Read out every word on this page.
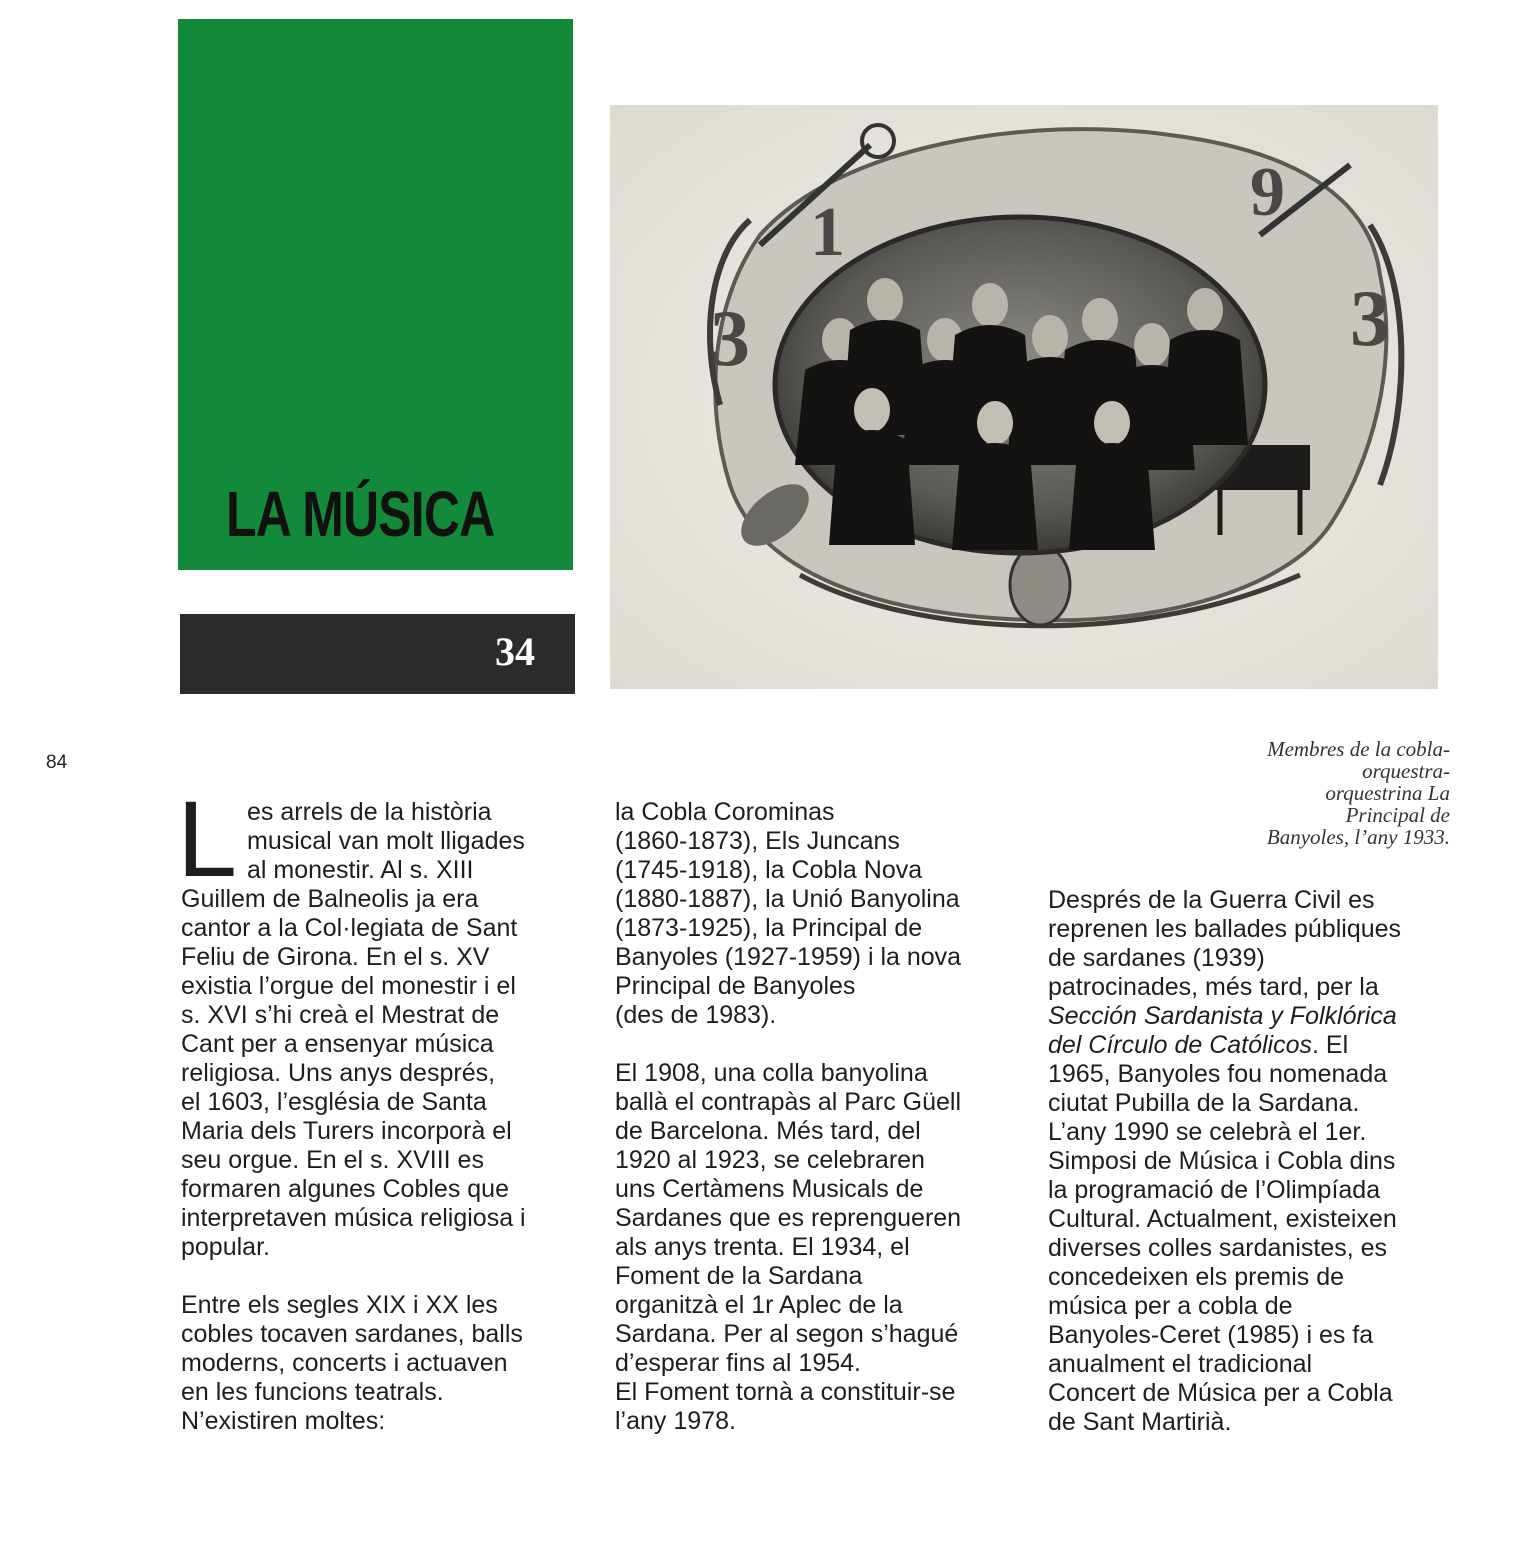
LA MÚSICA
34
1
9
3
3
84
Membres de la cobla-
orquestra-
orquestrina La
Principal de
Banyoles, l’any 1933.
L es arrels de la història
musical van molt lligades
al monestir. Al s. XIII
Guillem de Balneolis ja era
cantor a la Col·legiata de Sant
Feliu de Girona. En el s. XV
existia l’orgue del monestir i el
s. XVI s’hi creà el Mestrat de
Cant per a ensenyar música
religiosa. Uns anys després,
el 1603, l’església de Santa
Maria dels Turers incorporà el
seu orgue. En el s. XVIII es
formaren algunes Cobles que
interpretaven música religiosa i
popular.

Entre els segles XIX i XX les
cobles tocaven sardanes, balls
moderns, concerts i actuaven
en les funcions teatrals.
N’existiren moltes:

la Cobla Corominas
(1860-1873), Els Juncans
(1745-1918), la Cobla Nova
(1880-1887), la Unió Banyolina
(1873-1925), la Principal de
Banyoles (1927-1959) i la nova
Principal de Banyoles
(des de 1983).

El 1908, una colla banyolina
ballà el contrapàs al Parc Güell
de Barcelona. Més tard, del
1920 al 1923, se celebraren
uns Certàmens Musicals de
Sardanes que es reprengueren
als anys trenta. El 1934, el
Foment de la Sardana
organitzà el 1r Aplec de la
Sardana. Per al segon s’hagué
d’esperar fins al 1954.
El Foment tornà a constituir-se
l’any 1978.

Després de la Guerra Civil es
reprenen les ballades públiques
de sardanes (1939)
patrocinades, més tard, per la
Sección Sardanista y Folklórica
del Círculo de Católicos. El
1965, Banyoles fou nomenada
ciutat Pubilla de la Sardana.
L’any 1990 se celebrà el 1er.
Simposi de Música i Cobla dins
la programació de l’Olimpíada
Cultural. Actualment, existeixen
diverses colles sardanistes, es
concedeixen els premis de
música per a cobla de
Banyoles-Ceret (1985) i es fa
anualment el tradicional
Concert de Música per a Cobla
de Sant Martirià.
